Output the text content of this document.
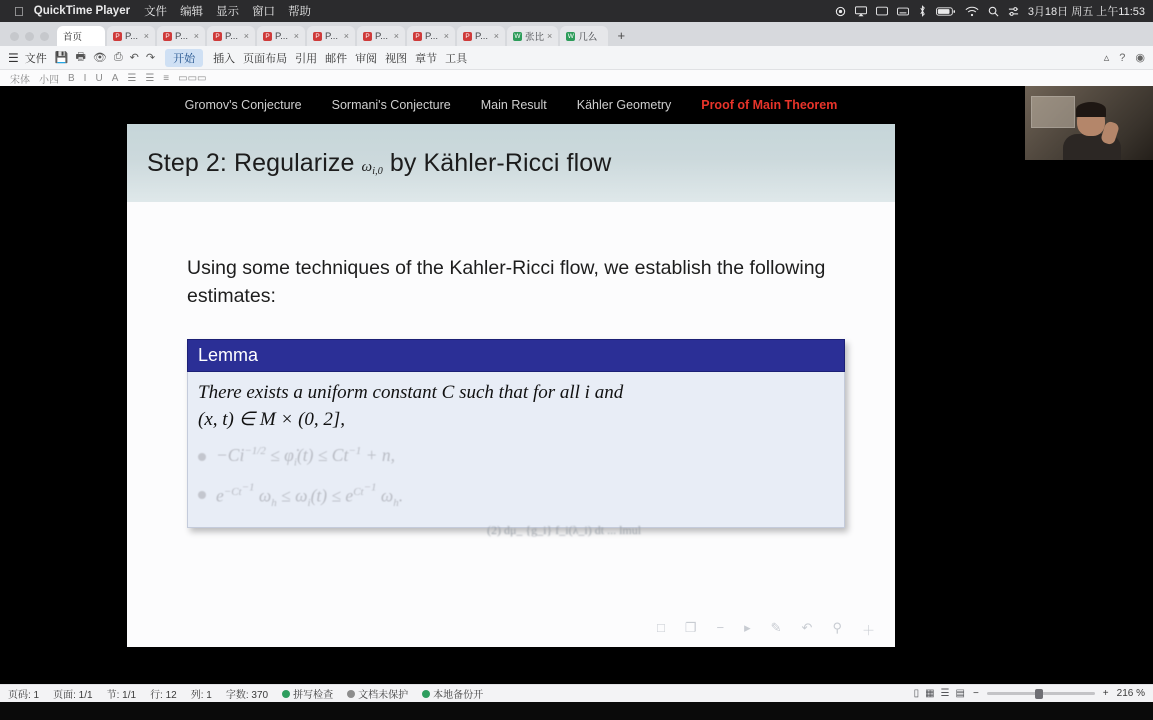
QuickTime Player 文件 编辑 显示 窗口 帮助	3月18日 周五 上午11:53
首页	P P... ×	P P... ×	P P... ×	P P... ×	P P... ×	P P... ×	P P... ×	P P... × W 张比 × W 几么	+
☰ 文件 💾 🖶 👁 ⎙ ↶ ↷	开始	插入 页面布局 引用 邮件 审阅 视图 章节 工具	▵ ? ◉
宋体 小四 B I U A ☰ ☰ ≡ ▭▭▭
Gromov's Conjecture Sormani's Conjecture Main Result Kähler Geometry Proof of Main Theorem
Step 2: Regularize ωi,0 by Kähler-Ricci flow
Using some techniques of the Kahler-Ricci flow, we establish the following estimates:
Lemma
There exists a uniform constant C such that for all i and
(x, t) ∈ M × (0, 2],
$-Ci^{-1/2}$ ≤ $\varphi̇_i(t) \le Ct^{-1} + n$,
$e^{-Ct^{-1}}$ $\omega_h \le \omega_i(t) \le e^{Ct^{-1}}$ $\omega_h$.
(2) dμ_ {g_i} f_i(λ_i) dt ... lmul
□ ❐ − ▸ ✎ ↶ ⚲ ＋
页码: 1 页面: 1/1 节: 1/1 行: 12 列: 1 字数: 370	拼写检查	文档未保护	本地备份开	▯ ▦ ☰ ▤ −	+ 216 %
